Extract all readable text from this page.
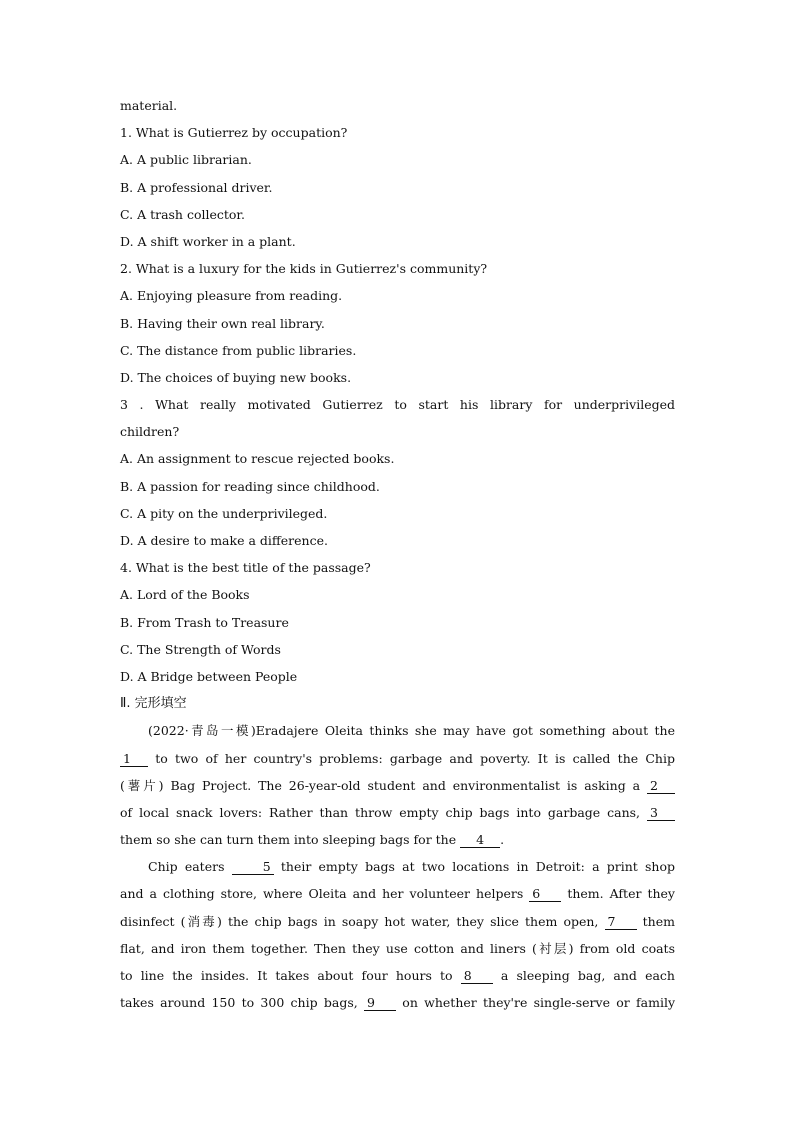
material.
1. What is Gutierrez by occupation?
A. A public librarian.
B. A professional driver.
C. A trash collector.
D. A shift worker in a plant.
2. What is a luxury for the kids in Gutierrez's community?
A. Enjoying pleasure from reading.
B. Having their own real library.
C. The distance from public libraries.
D. The choices of buying new books.
3 . What really motivated Gutierrez to start his library for underprivileged
children?
A. An assignment to rescue rejected books.
B. A passion for reading since childhood.
C. A pity on the underprivileged.
D. A desire to make a difference.
4. What is the best title of the passage?
A. Lord of the Books
B. From Trash to Treasure
C. The Strength of Words
D. A Bridge between People
Ⅱ. 完形填空
(2022·青岛一模)Eradajere Oleita thinks she may have got something about the
1 to two of her country's problems: garbage and poverty. It is called the Chip
(薯片) Bag Project. The 26-year-old student and environmentalist is asking a 2
of local snack lovers: Rather than throw empty chip bags into garbage cans, 3
them so she can turn them into sleeping bags for the 4 .
Chip eaters	5 their empty bags at two locations in Detroit: a print shop
and a clothing store, where Oleita and her volunteer helpers 6 them. After they
disinfect (消毒) the chip bags in soapy hot water, they slice them open, 7 them
flat, and iron them together. Then they use cotton and liners (衬层) from old coats
to line the insides. It takes about four hours to 8 a sleeping bag, and each
takes around 150 to 300 chip bags, 9 on whether they're single-serve or family
